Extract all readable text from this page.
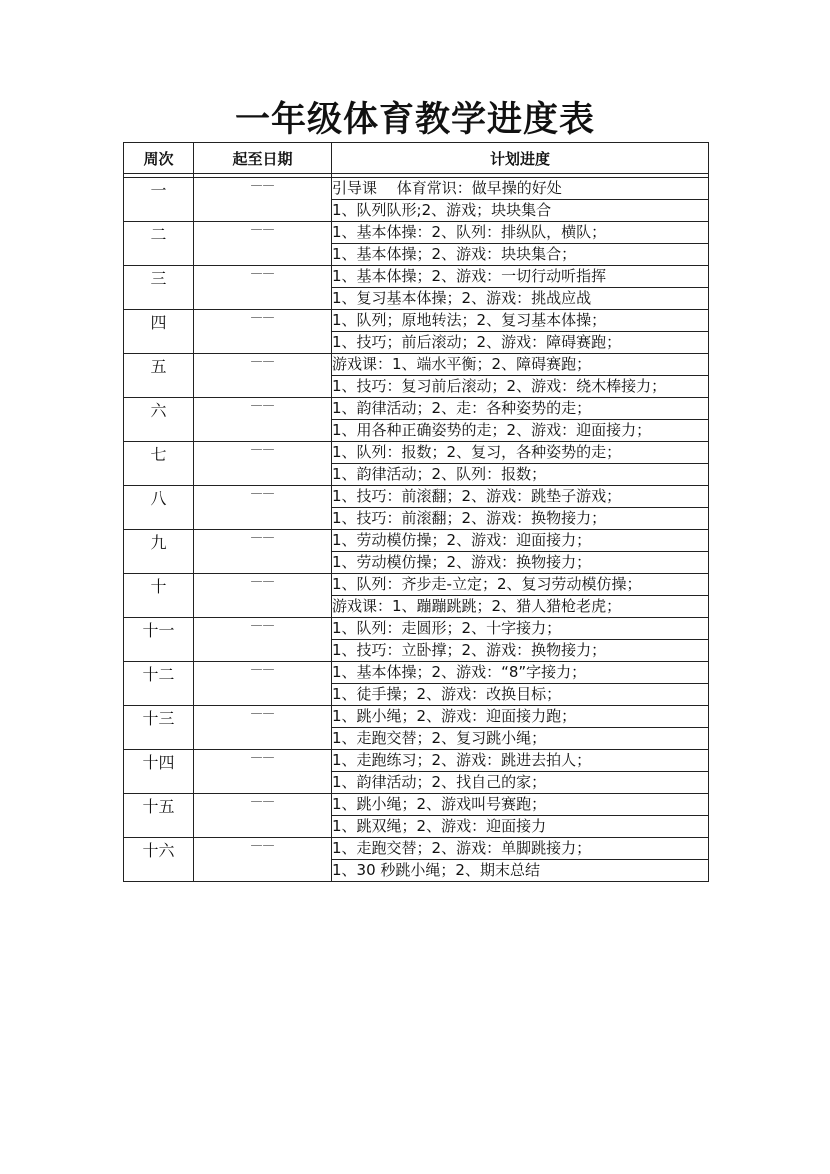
一年级体育教学进度表
周次	起至日期	计划进度

一	——	引导课　 体育常识：做早操的好处
		1、队列队形;2、游戏；块块集合
二	——	1、基本体操：2、队列：排纵队，横队；
		1、基本体操；2、游戏：块块集合；
三	——	1、基本体操；2、游戏：一切行动听指挥
		1、复习基本体操；2、游戏：挑战应战
四	——	1、队列；原地转法；2、复习基本体操；
		1、技巧；前后滚动；2、游戏：障碍赛跑；
五	——	游戏课：1、端水平衡；2、障碍赛跑；
		1、技巧：复习前后滚动；2、游戏：绕木棒接力；
六	——	1、韵律活动；2、走：各种姿势的走；
		1、用各种正确姿势的走；2、游戏：迎面接力；
七	——	1、队列：报数；2、复习，各种姿势的走；
		1、韵律活动；2、队列：报数；
八	——	1、技巧：前滚翻；2、游戏：跳垫子游戏；
		1、技巧：前滚翻；2、游戏：换物接力；
九	——	1、劳动模仿操；2、游戏：迎面接力；
		1、劳动模仿操；2、游戏：换物接力；
十	——	1、队列：齐步走-立定；2、复习劳动模仿操；
		游戏课：1、蹦蹦跳跳；2、猎人猎枪老虎；
十一	——	1、队列：走圆形；2、十字接力；
		1、技巧：立卧撑；2、游戏：换物接力；
十二	——	1、基本体操；2、游戏：“8”字接力；
		1、徒手操；2、游戏：改换目标；
十三	——	1、跳小绳；2、游戏：迎面接力跑；
		1、走跑交替；2、复习跳小绳；
十四	——	1、走跑练习；2、游戏：跳进去拍人；
		1、韵律活动；2、找自己的家；
十五	——	1、跳小绳；2、游戏叫号赛跑；
		1、跳双绳；2、游戏：迎面接力
十六	——	1、走跑交替；2、游戏：单脚跳接力；
		1、30 秒跳小绳；2、期末总结
